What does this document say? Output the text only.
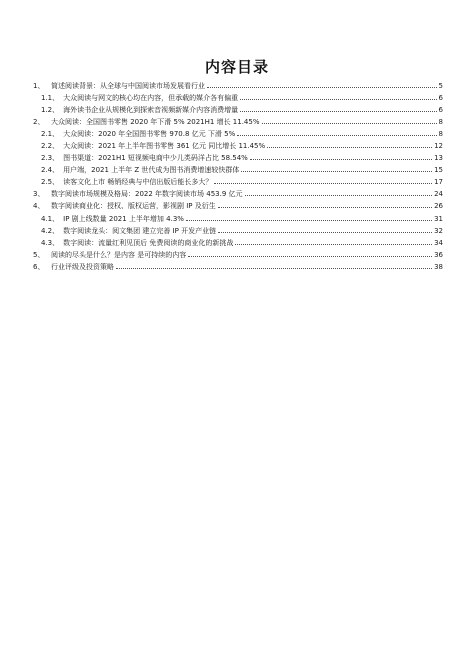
内容目录
1、 简述阅读背景：从全球与中国阅读市场发展看行业	5
1.1、 大众阅读与网文的核心均在内容，但承载的媒介各有偏重	6
1.2、 海外读书企业从规模化到探索音视频新媒介内容消费增量	6
2、 大众阅读：全国图书零售 2020 年下滑 5% 2021H1 增长 11.45%	8
2.1、 大众阅读：2020 年全国图书零售 970.8 亿元 下滑 5%	8
2.2、 大众阅读：2021 年上半年图书零售 361 亿元 同比增长 11.45%	12
2.3、 图书渠道：2021H1 短视频电商中少儿类码洋占比 58.54%	13
2.4、 用户端，2021 上半年 Z 世代成为图书消费增速较快群体	15
2.5、 读客文化上市 畅销经典与中信出版后能长多大？	17
3、 数字阅读市场规模及格局：2022 年数字阅读市场 453.9 亿元	24
4、 数字阅读商业化：授权、版权运营，影视剧 IP 及衍生	26
4.1、 IP 剧上线数量 2021 上半年增加 4.3%	31
4.2、 数字阅读龙头：阅文集团 建立完善 IP 开发产业链	32
4.3、 数字阅读：流量红利见顶后 免费阅读的商业化的新挑战	34
5、 阅读的尽头是什么？是内容 是可持续的内容	36
6、 行业评级及投资策略	38
